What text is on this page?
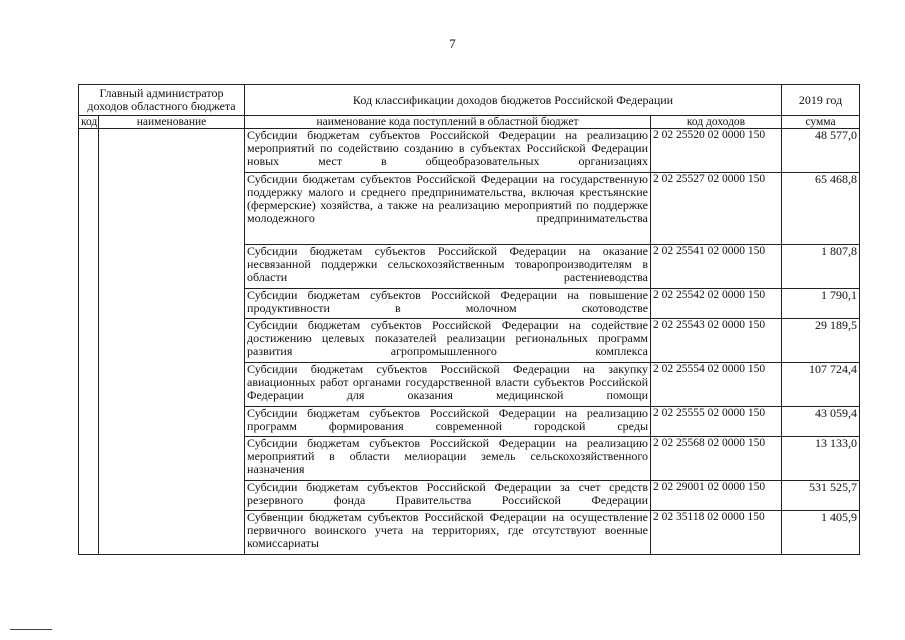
7
Главный администратор доходов областного бюджета		Код классификации доходов бюджетов Российской Федерации		2019 год
код	наименование	наименование кода поступлений в областной бюджет	код доходов	сумма
		Субсидии бюджетам субъектов Российской Федерации на реализацию мероприятий по содействию созданию в субъектах Российской Федерации новых мест в общеобразовательных организациях	2 02 25520 02 0000 150	48 577,0
		Субсидии бюджетам субъектов Российской Федерации на государственную поддержку малого и среднего предпринимательства, включая крестьянские (фермерские) хозяйства, а также на реализацию мероприятий по поддержке молодежного предпринимательства	2 02 25527 02 0000 150	65 468,8
		Субсидии бюджетам субъектов Российской Федерации на оказание несвязанной поддержки сельскохозяйственным товаропроизводителям в области растениеводства	2 02 25541 02 0000 150	1 807,8
		Субсидии бюджетам субъектов Российской Федерации на повышение продуктивности в молочном скотоводстве	2 02 25542 02 0000 150	1 790,1
		Субсидии бюджетам субъектов Российской Федерации на содействие достижению целевых показателей реализации региональных программ развития агропромышленного комплекса	2 02 25543 02 0000 150	29 189,5
		Субсидии бюджетам субъектов Российской Федерации на закупку авиационных работ органами государственной власти субъектов Российской Федерации для оказания медицинской помощи	2 02 25554 02 0000 150	107 724,4
		Субсидии бюджетам субъектов Российской Федерации на реализацию программ формирования современной городской среды	2 02 25555 02 0000 150	43 059,4
		Субсидии бюджетам субъектов Российской Федерации на реализацию мероприятий в области мелиорации земель сельскохозяйственного назначения	2 02 25568 02 0000 150	13 133,0
		Субсидии бюджетам субъектов Российской Федерации за счет средств резервного фонда Правительства Российской Федерации	2 02 29001 02 0000 150	531 525,7
		Субвенции бюджетам субъектов Российской Федерации на осуществление первичного воинского учета на территориях, где отсутствуют военные комиссариаты	2 02 35118 02 0000 150	1 405,9
